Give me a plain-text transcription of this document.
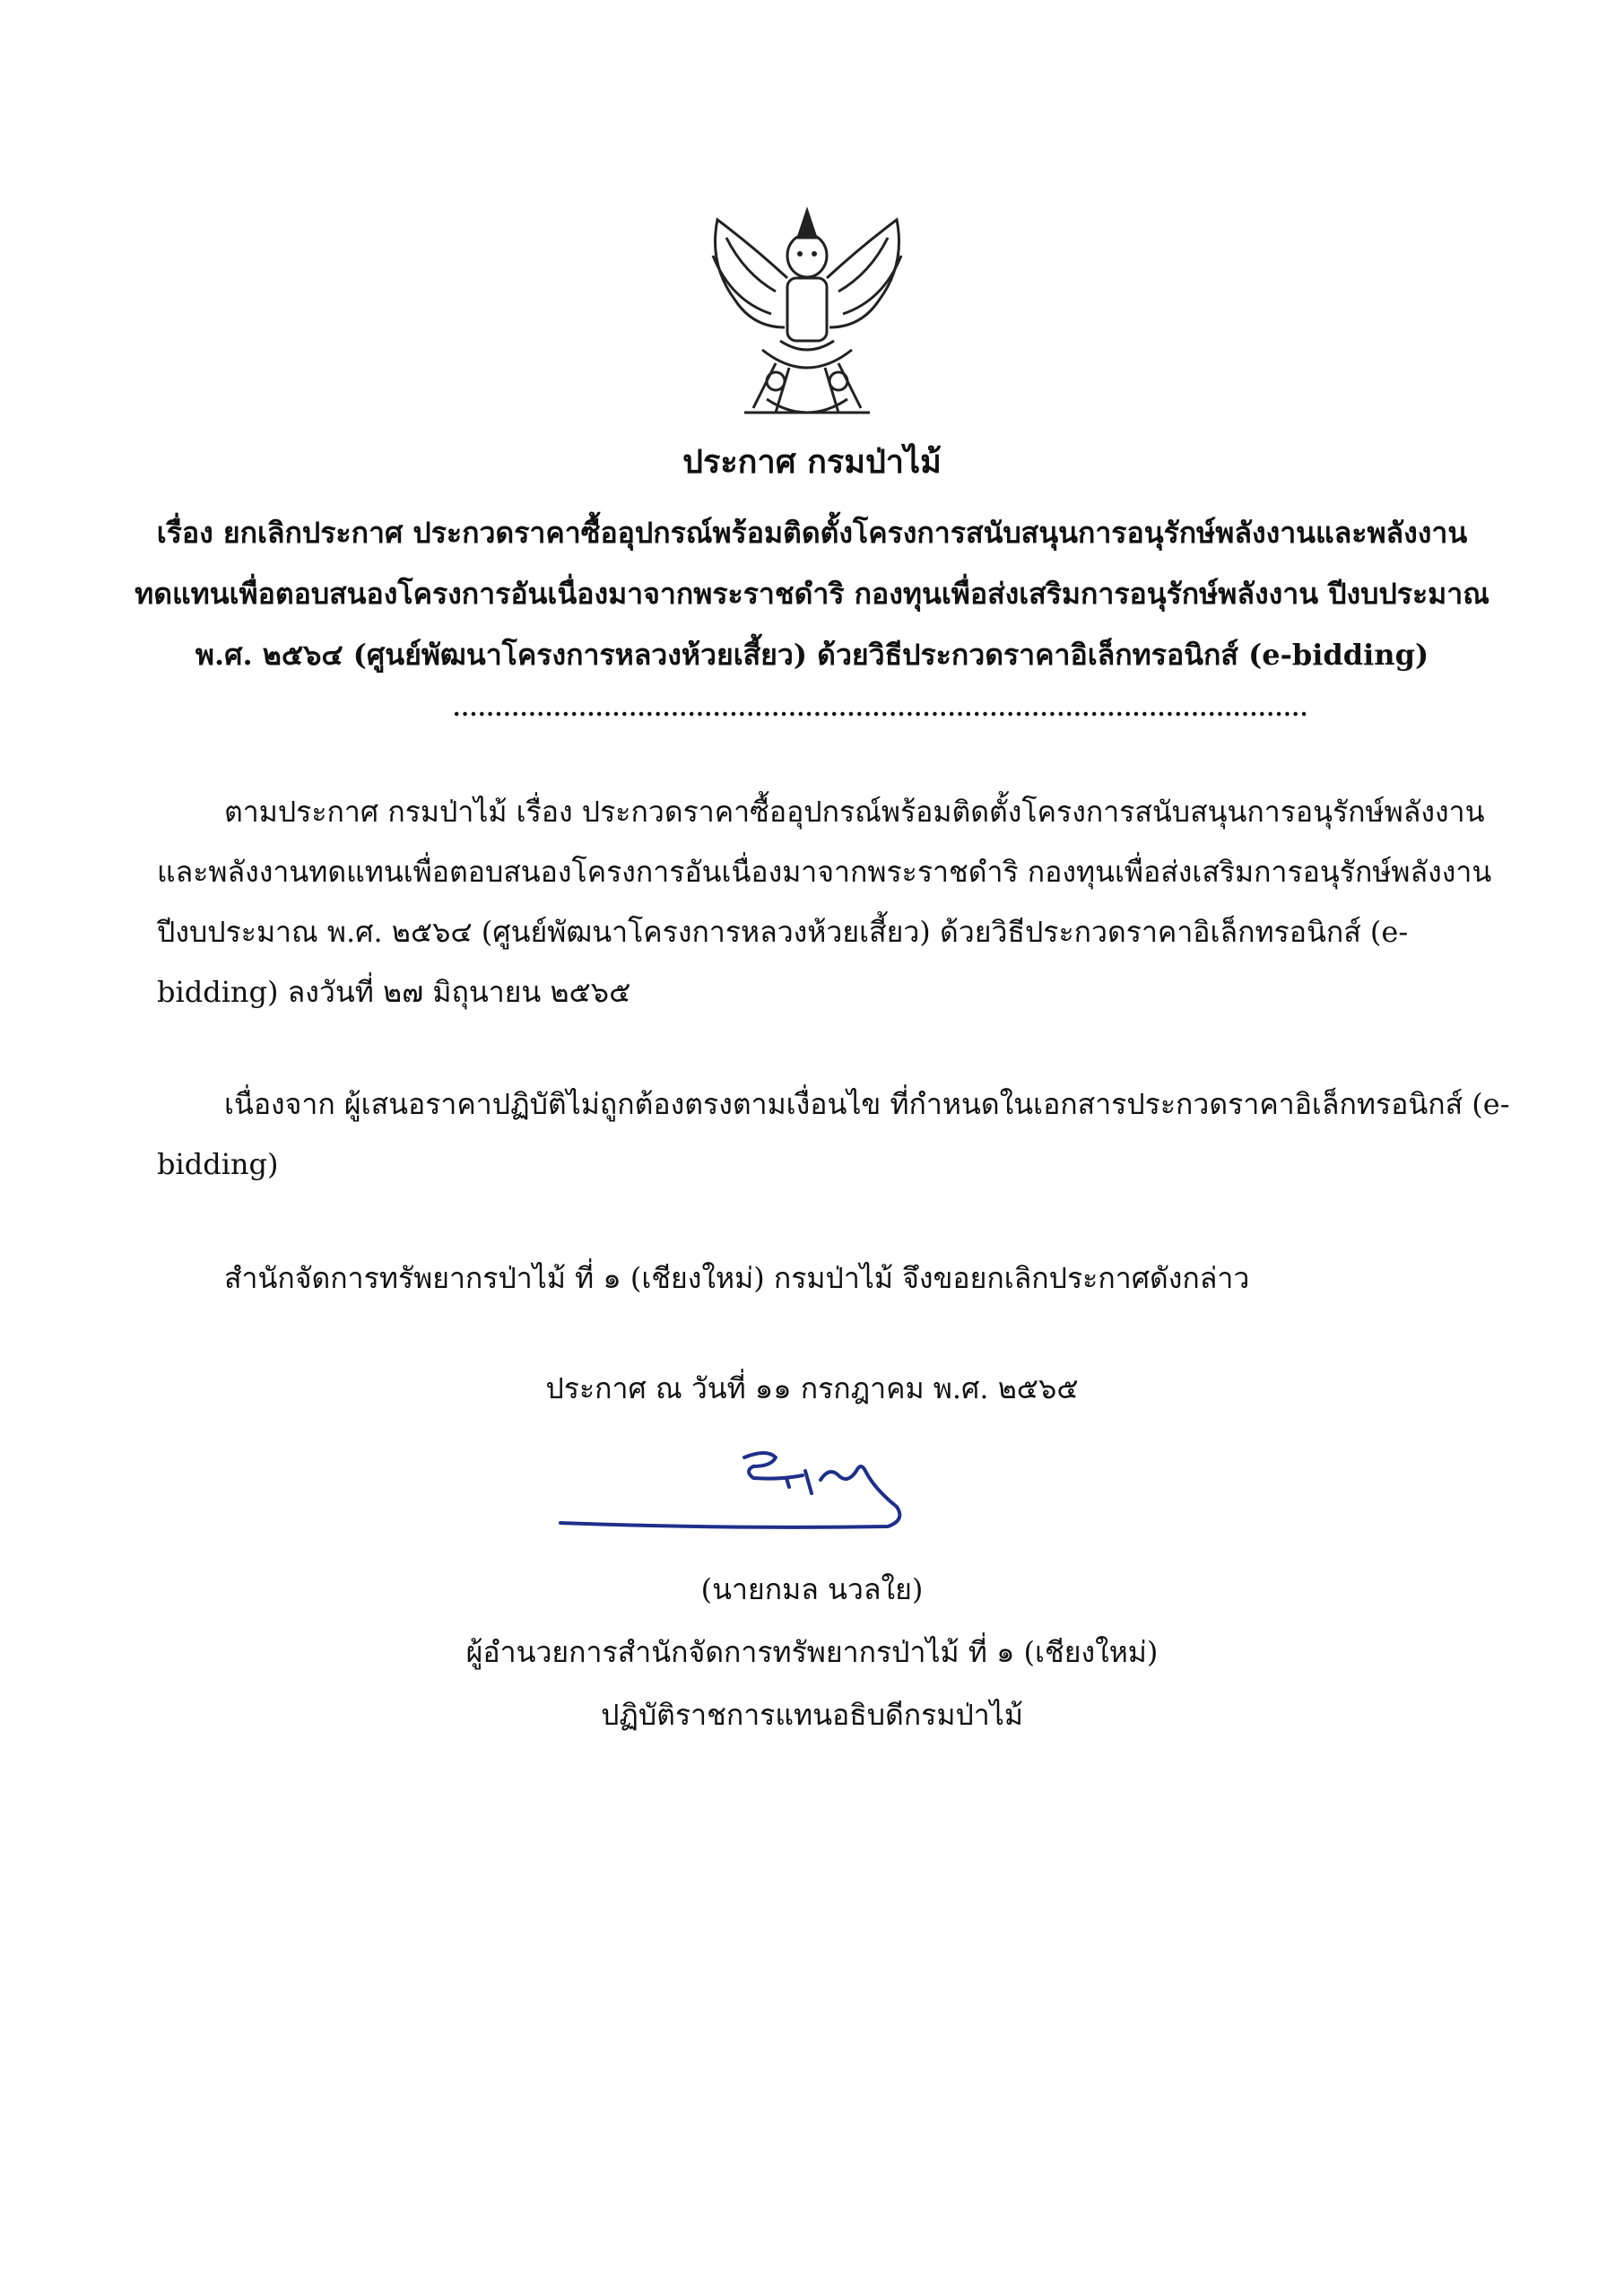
ประกาศ กรมป่าไม้
เรื่อง ยกเลิกประกาศ ประกวดราคาซื้ออุปกรณ์พร้อมติดตั้งโครงการสนับสนุนการอนุรักษ์พลังงานและพลังงาน
ทดแทนเพื่อตอบสนองโครงการอันเนื่องมาจากพระราชดำริ กองทุนเพื่อส่งเสริมการอนุรักษ์พลังงาน ปีงบประมาณ
พ.ศ. ๒๕๖๔ (ศูนย์พัฒนาโครงการหลวงห้วยเสี้ยว) ด้วยวิธีประกวดราคาอิเล็กทรอนิกส์ (e-bidding)
......................................................................................................
ตามประกาศ กรมป่าไม้ เรื่อง ประกวดราคาซื้ออุปกรณ์พร้อมติดตั้งโครงการสนับสนุนการอนุรักษ์พลังงาน
และพลังงานทดแทนเพื่อตอบสนองโครงการอันเนื่องมาจากพระราชดำริ กองทุนเพื่อส่งเสริมการอนุรักษ์พลังงาน
ปีงบประมาณ พ.ศ. ๒๕๖๔ (ศูนย์พัฒนาโครงการหลวงห้วยเสี้ยว) ด้วยวิธีประกวดราคาอิเล็กทรอนิกส์ (e-
bidding) ลงวันที่ ๒๗ มิถุนายน ๒๕๖๕
เนื่องจาก ผู้เสนอราคาปฏิบัติไม่ถูกต้องตรงตามเงื่อนไข ที่กำหนดในเอกสารประกวดราคาอิเล็กทรอนิกส์ (e-
bidding)
สำนักจัดการทรัพยากรป่าไม้ ที่ ๑ (เชียงใหม่) กรมป่าไม้ จึงขอยกเลิกประกาศดังกล่าว
ประกาศ ณ วันที่ ๑๑ กรกฎาคม พ.ศ. ๒๕๖๕
(นายกมล นวลใย)
ผู้อำนวยการสำนักจัดการทรัพยากรป่าไม้ ที่ ๑ (เชียงใหม่)
ปฏิบัติราชการแทนอธิบดีกรมป่าไม้
